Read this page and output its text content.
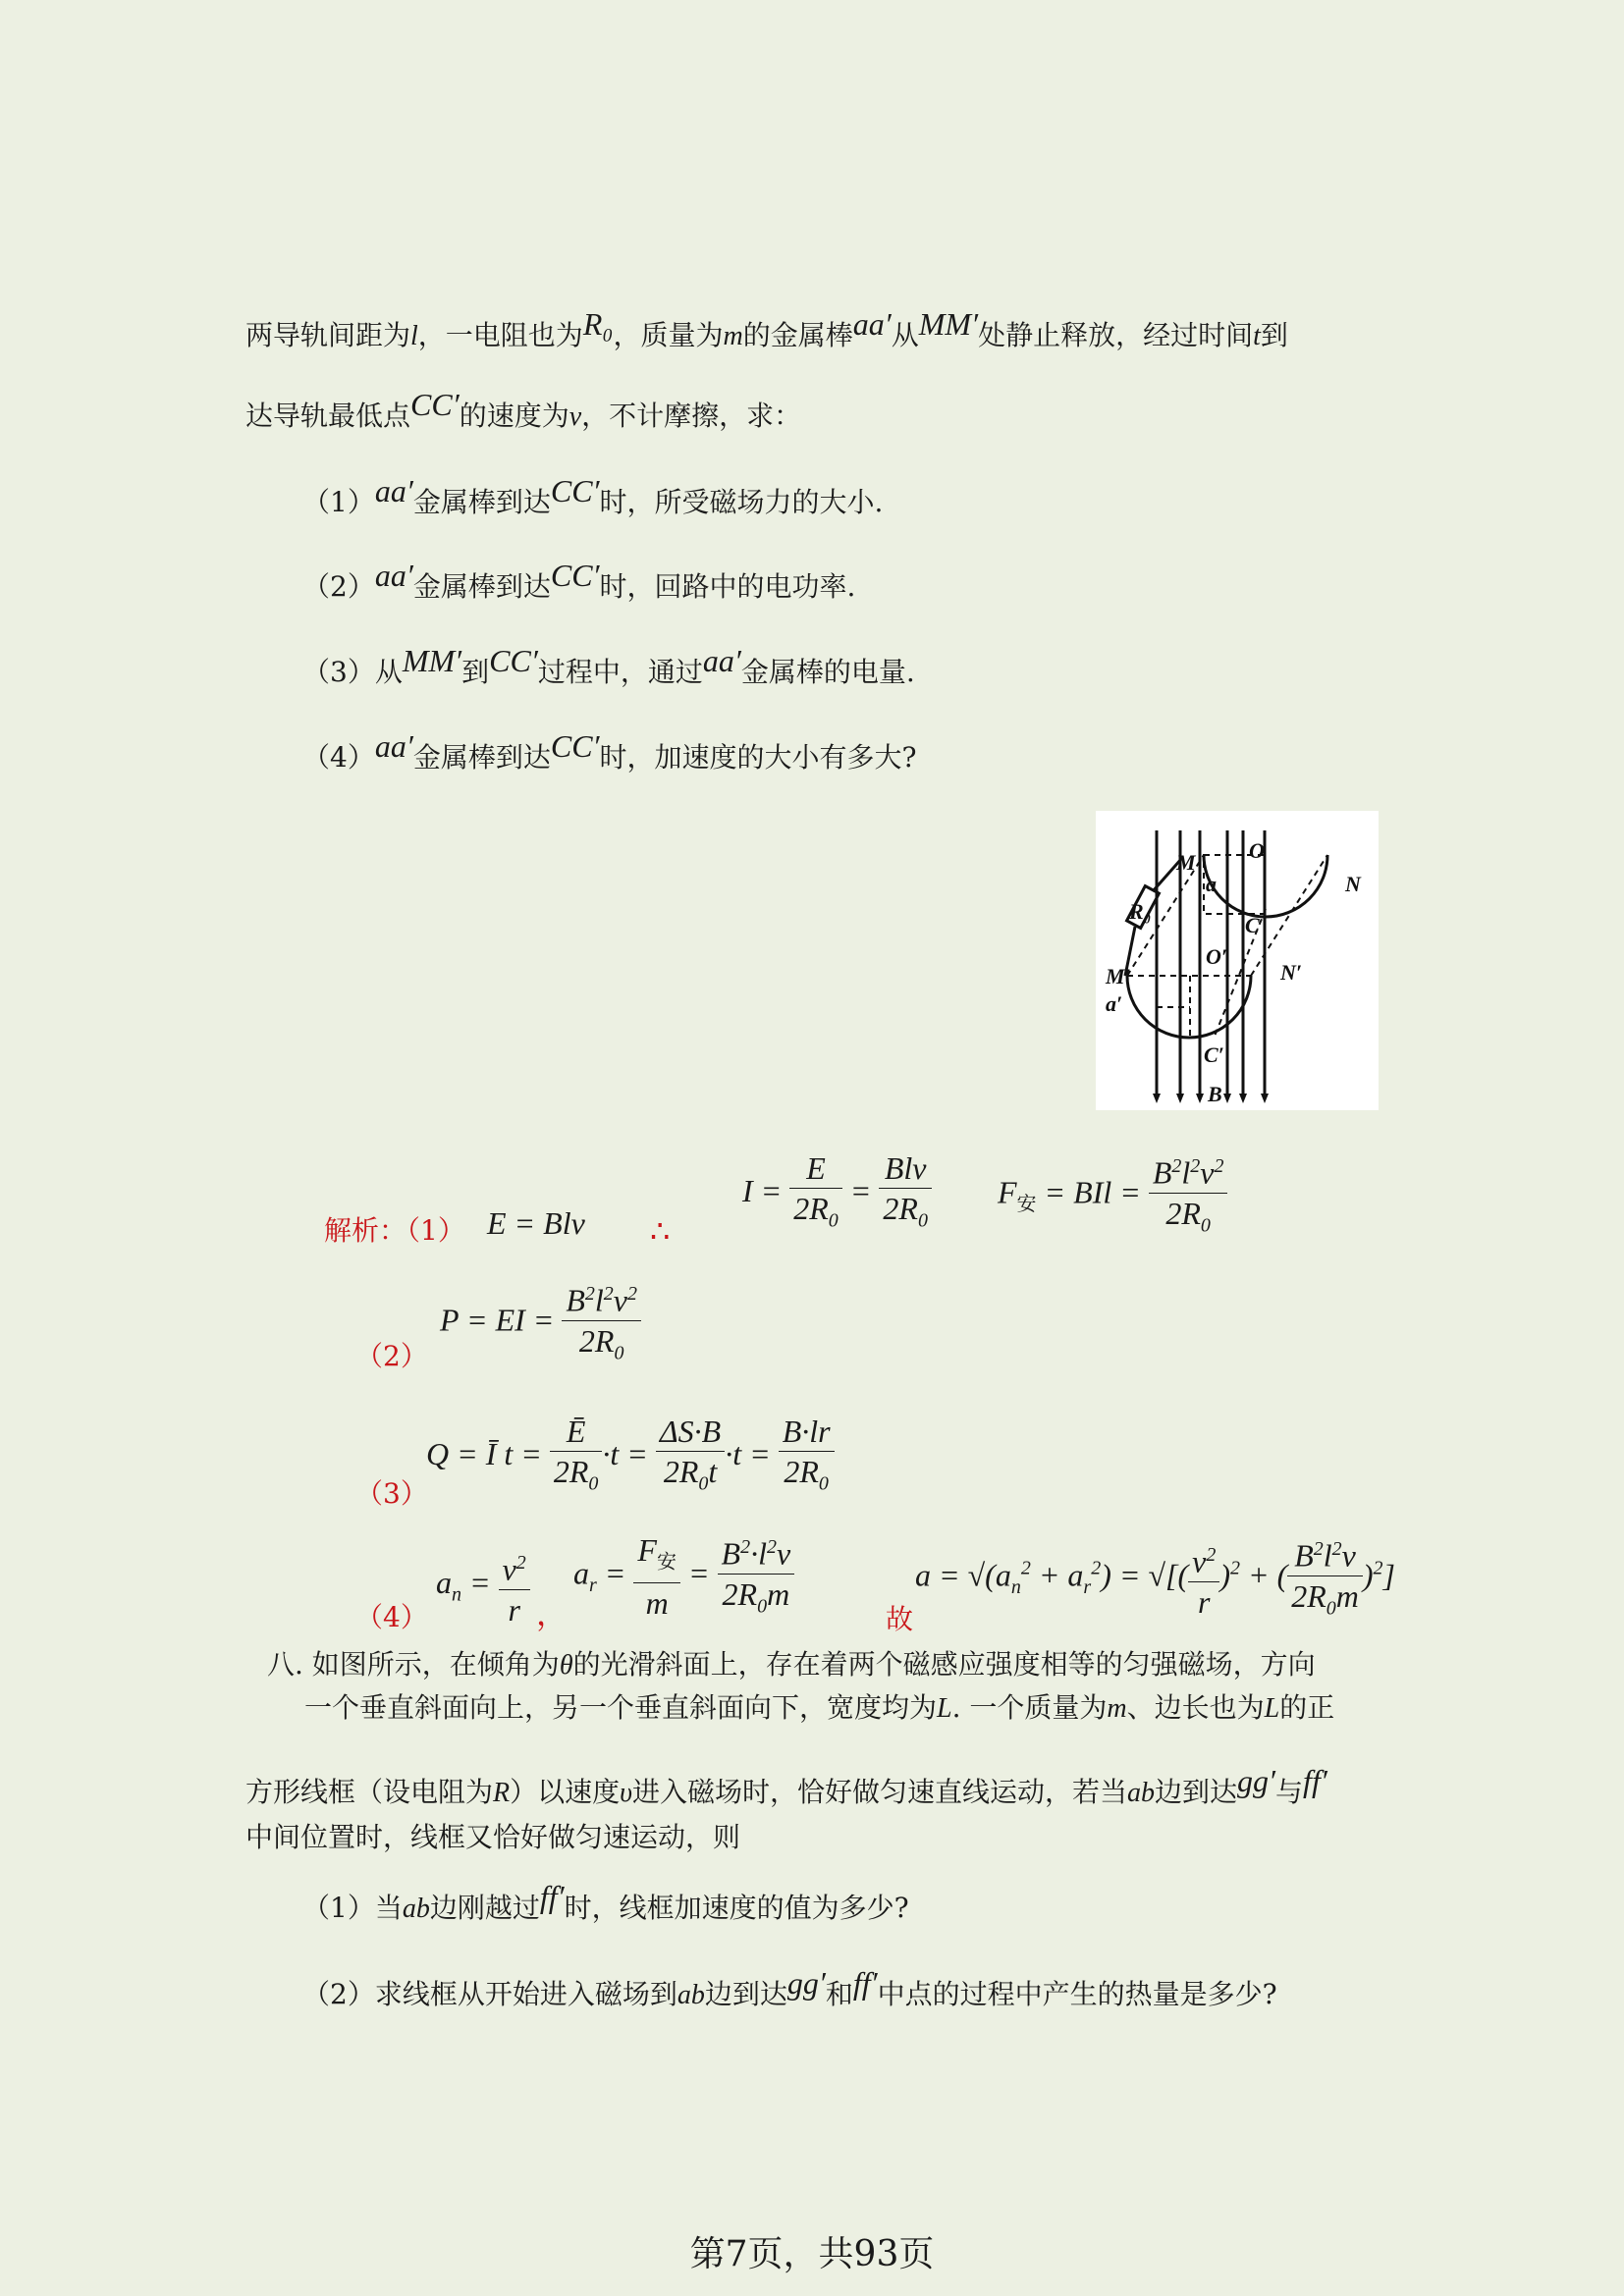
两导轨间距为l，一电阻也为R₀，质量为m的金属棒aa′从MM′处静止释放，经过时间t到
达导轨最低点CC′的速度为v，不计摩擦，求：
（1）aa′金属棒到达CC′时，所受磁场力的大小.
（2）aa′金属棒到达CC′时，回路中的电功率.
（3）从MM′到CC′过程中，通过aa′金属棒的电量.
（4）aa′金属棒到达CC′时，加速度的大小有多大?
M O
N
R₀
a
C
O′
M′	N′
a′
C′
B
解析：（1） E = Blv ∴
$I = \frac{E}{2R_0} = \frac{\text{Blv}}{2R_0} F_安$ = BIl = $\frac{B^2l^2v^2}{2R_0}$
P = EI = $\frac{B^2l^2v^2}{2R_0}$
（2）
Q = Ī $t = \frac{Ē}{2R_0} \cdot t = \frac{\Delta S\cdot B}{2R_0t} \cdot t = \frac{B\cdot lr}{2R_0}$
（3）
$a_n = \frac{v^2}{r}$ ，
$a_r = \frac{F_安}{m} = \frac{B^2\cdot l^2v}{2R_0m}$	故
$a = √(a_n^2 + a_r^2)$ = √[( $\frac{v^2}{r} )^2$ + ( $\frac{B^2l^2v}{2R_0m} )^2$]
（4）
八. 如图所示，在倾角为θ的光滑斜面上，存在着两个磁感应强度相等的匀强磁场，方向
一个垂直斜面向上，另一个垂直斜面向下，宽度均为L. 一个质量为m、边长也为L的正
方形线框（设电阻为R）以速度υ进入磁场时，恰好做匀速直线运动，若当ab边到达gg′与ff′
中间位置时，线框又恰好做匀速运动，则
（1）当ab边刚越过ff′时，线框加速度的值为多少?
（2）求线框从开始进入磁场到ab边到达gg′和ff′中点的过程中产生的热量是多少?
第7页，共93页
